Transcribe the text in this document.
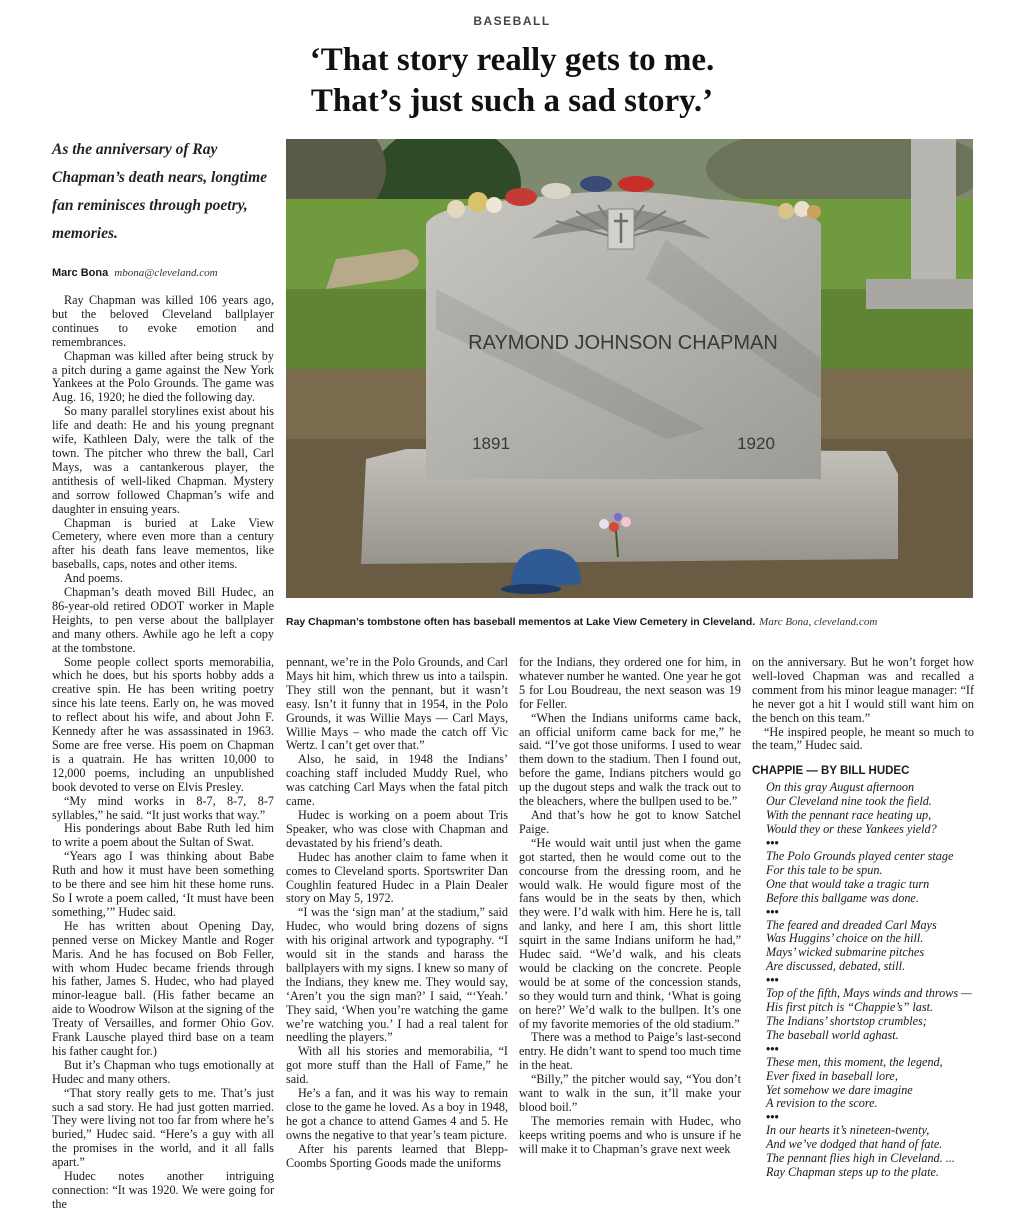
BASEBALL
‘That story really gets to me.
That’s just such a sad story.’
As the anniversary of Ray Chapman’s death nears, longtime fan reminisces through poetry, memories.
Marc Bona mbona@cleveland.com
RAYMOND JOHNSON CHAPMAN
1891	1920
Ray Chapman’s tombstone often has baseball mementos at Lake View Cemetery in Cleveland. Marc Bona, cleveland.com

Ray Chapman was killed 106 years ago, but the beloved Cleveland ballplayer continues to evoke emotion and remembrances.

Chapman was killed after being struck by a pitch during a game against the New York Yankees at the Polo Grounds. The game was Aug. 16, 1920; he died the following day.

So many parallel storylines exist about his life and death: He and his young pregnant wife, Kathleen Daly, were the talk of the town. The pitcher who threw the ball, Carl Mays, was a cantankerous player, the antithesis of well-liked Chapman. Mystery and sorrow followed Chapman’s wife and daughter in ensuing years.

Chapman is buried at Lake View Cemetery, where even more than a century after his death fans leave mementos, like baseballs, caps, notes and other items.

And poems.

Chapman’s death moved Bill Hudec, an 86-year-old retired ODOT worker in Maple Heights, to pen verse about the ballplayer and many others. Awhile ago he left a copy at the tombstone.

Some people collect sports memorabilia, which he does, but his sports hobby adds a creative spin. He has been writing poetry since his late teens. Early on, he was moved to reflect about his wife, and about John F. Kennedy after he was assassinated in 1963. Some are free verse. His poem on Chapman is a quatrain. He has written 10,000 to 12,000 poems, including an unpublished book devoted to verse on Elvis Presley.

“My mind works in 8-7, 8-7, 8-7 syllables,” he said. “It just works that way.”

His ponderings about Babe Ruth led him to write a poem about the Sultan of Swat.

“Years ago I was thinking about Babe Ruth and how it must have been something to be there and see him hit these home runs. So I wrote a poem called, ‘It must have been something,’” Hudec said.

He has written about Opening Day, penned verse on Mickey Mantle and Roger Maris. And he has focused on Bob Feller, with whom Hudec became friends through his father, James S. Hudec, who had played minor-league ball. (His father became an aide to Woodrow Wilson at the signing of the Treaty of Versailles, and former Ohio Gov. Frank Lausche played third base on a team his father caught for.)

But it’s Chapman who tugs emotionally at Hudec and many others.

“That story really gets to me. That’s just such a sad story. He had just gotten married. They were living not too far from where he’s buried,” Hudec said. “Here’s a guy with all the promises in the world, and it all falls apart.”

Hudec notes another intriguing connection: “It was 1920. We were going for the

pennant, we’re in the Polo Grounds, and Carl Mays hit him, which threw us into a tailspin. They still won the pennant, but it wasn’t easy. Isn’t it funny that in 1954, in the Polo Grounds, it was Willie Mays — Carl Mays, Willie Mays – who made the catch off Vic Wertz. I can’t get over that.”

Also, he said, in 1948 the Indians’ coaching staff included Muddy Ruel, who was catching Carl Mays when the fatal pitch came.

Hudec is working on a poem about Tris Speaker, who was close with Chapman and devastated by his friend’s death.

Hudec has another claim to fame when it comes to Cleveland sports. Sportswriter Dan Coughlin featured Hudec in a Plain Dealer story on May 5, 1972.

“I was the ‘sign man’ at the stadium,” said Hudec, who would bring dozens of signs with his original artwork and typography. “I would sit in the stands and harass the ballplayers with my signs. I knew so many of the Indians, they knew me. They would say, ‘Aren’t you the sign man?’ I said, “‘Yeah.’ They said, ‘When you’re watching the game we’re watching you.’ I had a real talent for needling the players.”

With all his stories and memorabilia, “I got more stuff than the Hall of Fame,” he said.

He’s a fan, and it was his way to remain close to the game he loved. As a boy in 1948, he got a chance to attend Games 4 and 5. He owns the negative to that year’s team picture.

After his parents learned that Blepp-Coombs Sporting Goods made the uniforms

for the Indians, they ordered one for him, in whatever number he wanted. One year he got 5 for Lou Boudreau, the next season was 19 for Feller.

“When the Indians uniforms came back, an official uniform came back for me,” he said. “I’ve got those uniforms. I used to wear them down to the stadium. Then I found out, before the game, Indians pitchers would go up the dugout steps and walk the track out to the bleachers, where the bullpen used to be.”

And that’s how he got to know Satchel Paige.

“He would wait until just when the game got started, then he would come out to the concourse from the dressing room, and he would walk. He would figure most of the fans would be in the seats by then, which they were. I’d walk with him. Here he is, tall and lanky, and here I am, this short little squirt in the same Indians uniform he had,” Hudec said. “We’d walk, and his cleats would be clacking on the concrete. People would be at some of the concession stands, so they would turn and think, ‘What is going on here?’ We’d walk to the bullpen. It’s one of my favorite memories of the old stadium.”

There was a method to Paige’s last-second entry. He didn’t want to spend too much time in the heat.

“Billy,” the pitcher would say, “You don’t want to walk in the sun, it’ll make your blood boil.”

The memories remain with Hudec, who keeps writing poems and who is unsure if he will make it to Chapman’s grave next week

on the anniversary. But he won’t forget how well-loved Chapman was and recalled a comment from his minor league manager: “If he never got a hit I would still want him on the bench on this team.”

“He inspired people, he meant so much to the team,” Hudec said.

CHAPPIE — BY BILL HUDEC
On this gray August afternoon
Our Cleveland nine took the field.
With the pennant race heating up,
Would they or these Yankees yield?
•••
The Polo Grounds played center stage
For this tale to be spun.
One that would take a tragic turn
Before this ballgame was done.
•••
The feared and dreaded Carl Mays
Was Huggins’ choice on the hill.
Mays’ wicked submarine pitches
Are discussed, debated, still.
•••
Top of the fifth, Mays winds and throws —
His first pitch is “Chappie’s” last.
The Indians’ shortstop crumbles;
The baseball world aghast.
•••
These men, this moment, the legend,
Ever fixed in baseball lore,
Yet somehow we dare imagine
A revision to the score.
•••
In our hearts it’s nineteen-twenty,
And we’ve dodged that hand of fate.
The pennant flies high in Cleveland. ...
Ray Chapman steps up to the plate.
